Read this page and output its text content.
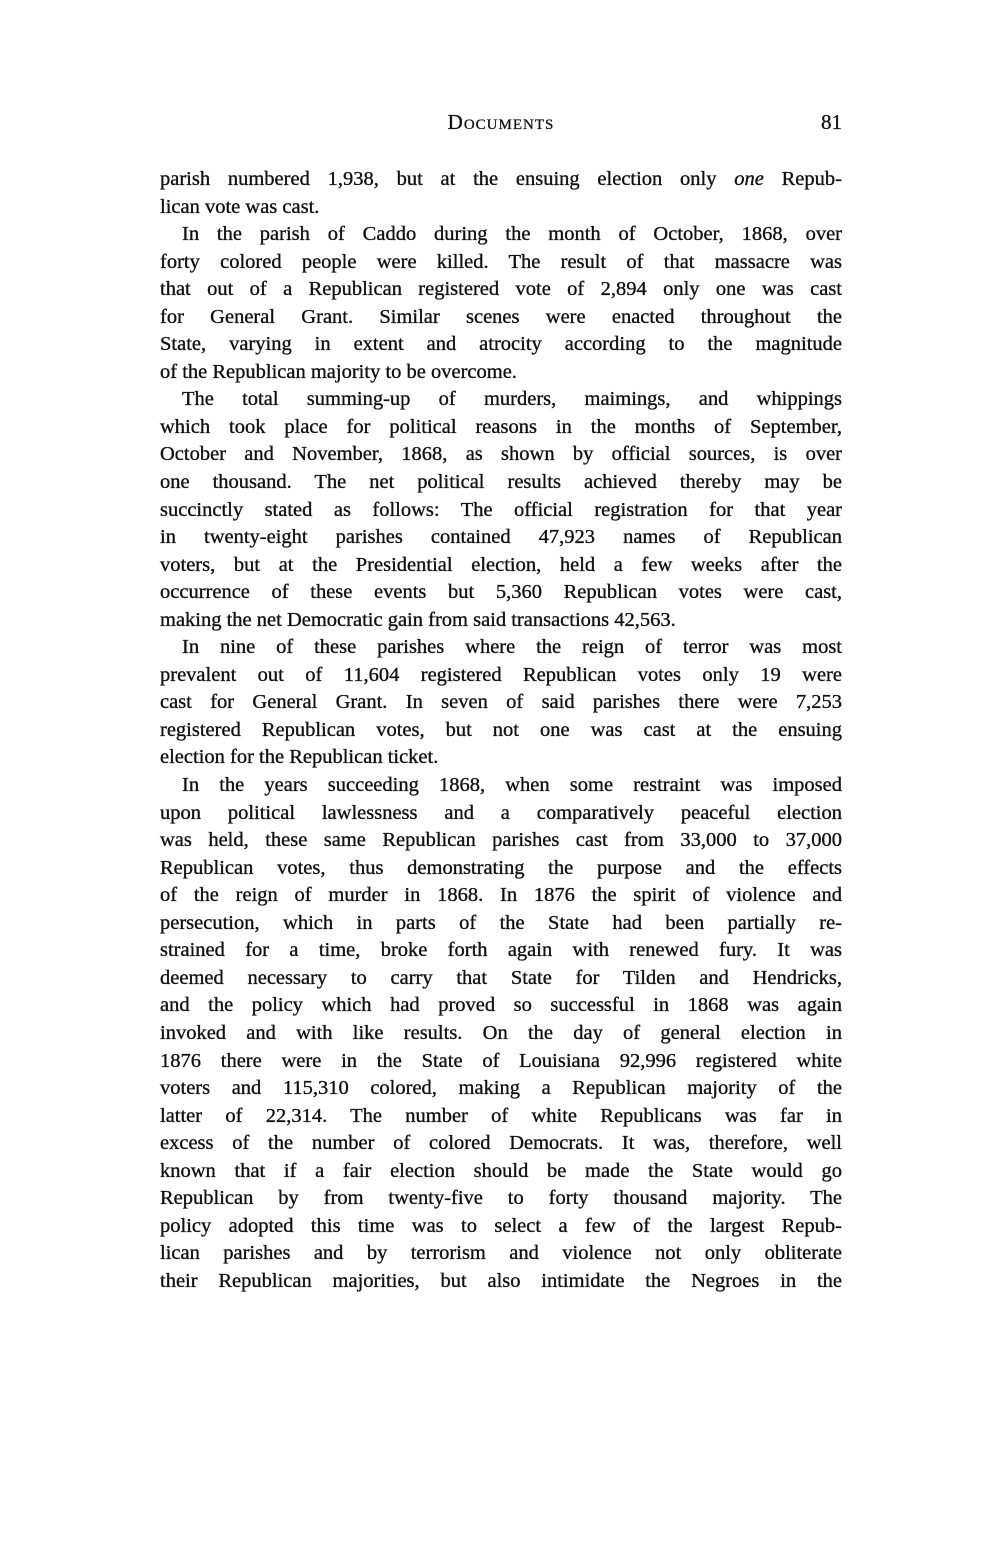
Documents	81
parish numbered 1,938, but at the ensuing election only one Repub-
lican vote was cast.
In the parish of Caddo during the month of October, 1868, over
forty colored people were killed. The result of that massacre was
that out of a Republican registered vote of 2,894 only one was cast
for General Grant. Similar scenes were enacted throughout the
State, varying in extent and atrocity according to the magnitude
of the Republican majority to be overcome.
The total summing-up of murders, maimings, and whippings
which took place for political reasons in the months of September,
October and November, 1868, as shown by official sources, is over
one thousand. The net political results achieved thereby may be
succinctly stated as follows: The official registration for that year
in twenty-eight parishes contained 47,923 names of Republican
voters, but at the Presidential election, held a few weeks after the
occurrence of these events but 5,360 Republican votes were cast,
making the net Democratic gain from said transactions 42,563.
In nine of these parishes where the reign of terror was most
prevalent out of 11,604 registered Republican votes only 19 were
cast for General Grant. In seven of said parishes there were 7,253
registered Republican votes, but not one was cast at the ensuing
election for the Republican ticket.
In the years succeeding 1868, when some restraint was imposed
upon political lawlessness and a comparatively peaceful election
was held, these same Republican parishes cast from 33,000 to 37,000
Republican votes, thus demonstrating the purpose and the effects
of the reign of murder in 1868. In 1876 the spirit of violence and
persecution, which in parts of the State had been partially re-
strained for a time, broke forth again with renewed fury. It was
deemed necessary to carry that State for Tilden and Hendricks,
and the policy which had proved so successful in 1868 was again
invoked and with like results. On the day of general election in
1876 there were in the State of Louisiana 92,996 registered white
voters and 115,310 colored, making a Republican majority of the
latter of 22,314. The number of white Republicans was far in
excess of the number of colored Democrats. It was, therefore, well
known that if a fair election should be made the State would go
Republican by from twenty-five to forty thousand majority. The
policy adopted this time was to select a few of the largest Repub-
lican parishes and by terrorism and violence not only obliterate
their Republican majorities, but also intimidate the Negroes in the
